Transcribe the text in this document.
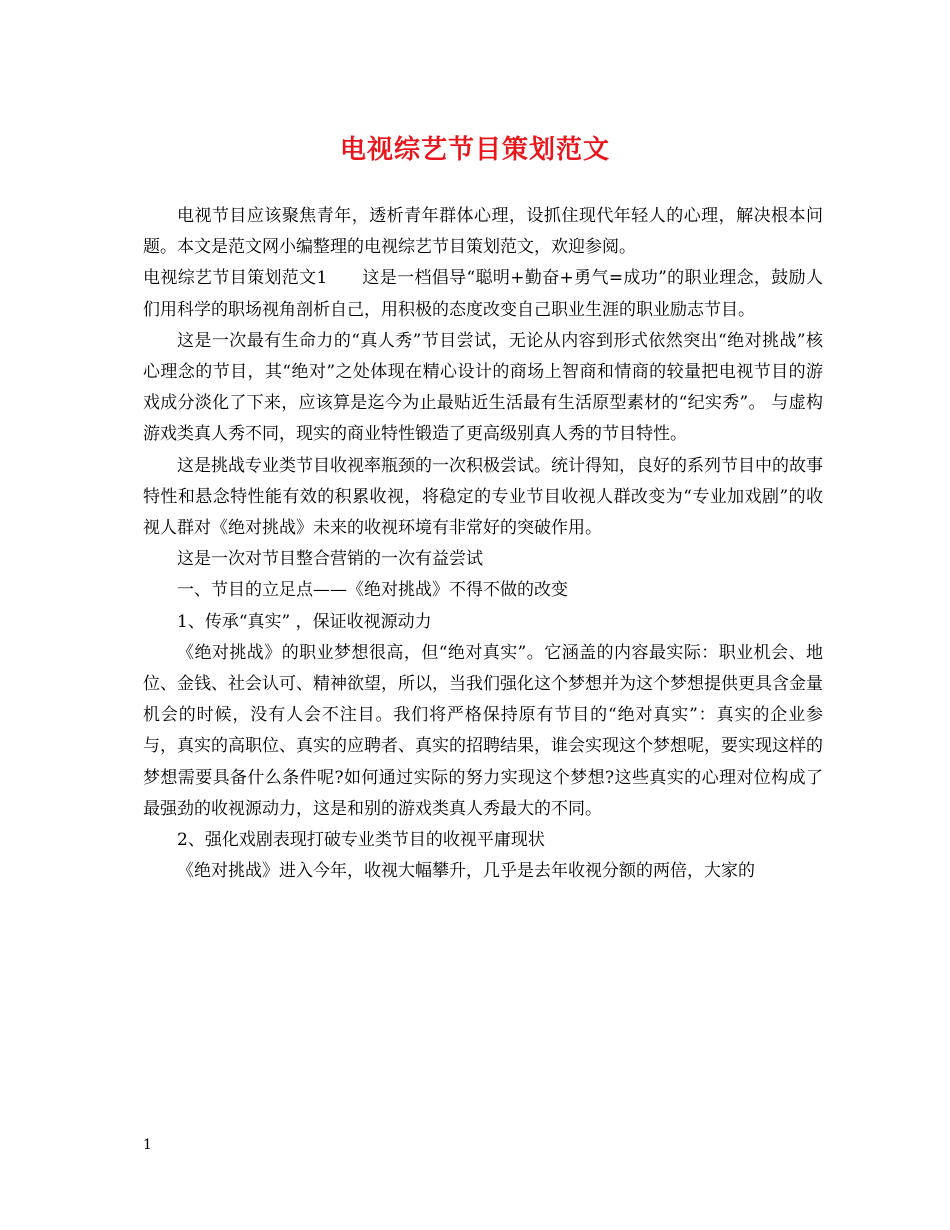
电视综艺节目策划范文

电视节目应该聚焦青年，透析青年群体心理，设抓住现代年轻人的心理，解决根本问题。本文是范文网小编整理的电视综艺节目策划范文，欢迎参阅。

电视综艺节目策划范文1　　这是一档倡导“聪明+勤奋+勇气=成功”的职业理念，鼓励人们用科学的职场视角剖析自己，用积极的态度改变自己职业生涯的职业励志节目。

这是一次最有生命力的“真人秀”节目尝试，无论从内容到形式依然突出“绝对挑战”核心理念的节目，其“绝对”之处体现在精心设计的商场上智商和情商的较量把电视节目的游戏成分淡化了下来，应该算是迄今为止最贴近生活最有生活原型素材的“纪实秀”。 与虚构游戏类真人秀不同，现实的商业特性锻造了更高级别真人秀的节目特性。

这是挑战专业类节目收视率瓶颈的一次积极尝试。统计得知，良好的系列节目中的故事特性和悬念特性能有效的积累收视，将稳定的专业节目收视人群改变为“专业加戏剧”的收视人群对《绝对挑战》未来的收视环境有非常好的突破作用。

这是一次对节目整合营销的一次有益尝试

一、节目的立足点——《绝对挑战》不得不做的改变

1、传承“真实” ，保证收视源动力

《绝对挑战》的职业梦想很高，但“绝对真实”。它涵盖的内容最实际：职业机会、地位、金钱、社会认可、精神欲望，所以，当我们强化这个梦想并为这个梦想提供更具含金量机会的时候，没有人会不注目。我们将严格保持原有节目的“绝对真实”：真实的企业参与，真实的高职位、真实的应聘者、真实的招聘结果，谁会实现这个梦想呢，要实现这样的梦想需要具备什么条件呢?如何通过实际的努力实现这个梦想?这些真实的心理对位构成了最强劲的收视源动力，这是和别的游戏类真人秀最大的不同。

2、强化戏剧表现打破专业类节目的收视平庸现状

《绝对挑战》进入今年，收视大幅攀升，几乎是去年收视分额的两倍，大家的

1
